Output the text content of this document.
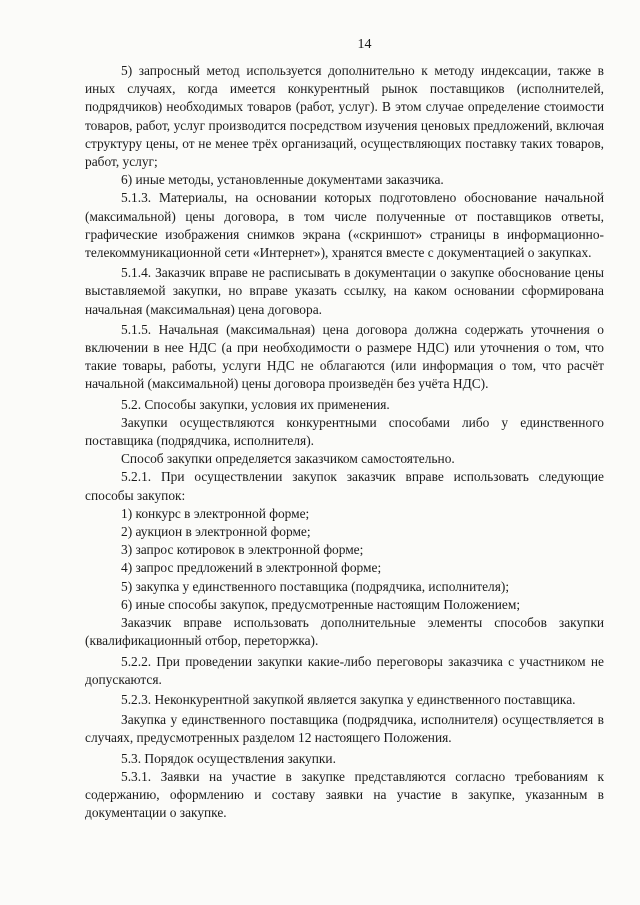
14

5) запросный метод используется дополнительно к методу индексации, также в иных случаях, когда имеется конкурентный рынок поставщиков (исполнителей, подрядчиков) необходимых товаров (работ, услуг). В этом случае определение стоимости товаров, работ, услуг производится посредством изучения ценовых предложений, включая структуру цены, от не менее трёх организаций, осуществляющих поставку таких товаров, работ, услуг;

6) иные методы, установленные документами заказчика.

5.1.3. Материалы, на основании которых подготовлено обоснование начальной (максимальной) цены договора, в том числе полученные от поставщиков ответы, графические изображения снимков экрана («скриншот» страницы в информационно-телекоммуникационной сети «Интернет»), хранятся вместе с документацией о закупках.

5.1.4. Заказчик вправе не расписывать в документации о закупке обоснование цены выставляемой закупки, но вправе указать ссылку, на каком основании сформирована начальная (максимальная) цена договора.

5.1.5. Начальная (максимальная) цена договора должна содержать уточнения о включении в нее НДС (а при необходимости о размере НДС) или уточнения о том, что такие товары, работы, услуги НДС не облагаются (или информация о том, что расчёт начальной (максимальной) цены договора произведён без учёта НДС).

5.2. Способы закупки, условия их применения.

Закупки осуществляются конкурентными способами либо у единственного поставщика (подрядчика, исполнителя).

Способ закупки определяется заказчиком самостоятельно.

5.2.1. При осуществлении закупок заказчик вправе использовать следующие способы закупок:

1) конкурс в электронной форме;

2) аукцион в электронной форме;

3) запрос котировок в электронной форме;

4) запрос предложений в электронной форме;

5) закупка у единственного поставщика (подрядчика, исполнителя);

6) иные способы закупок, предусмотренные настоящим Положением;

Заказчик вправе использовать дополнительные элементы способов закупки (квалификационный отбор, переторжка).

5.2.2. При проведении закупки какие-либо переговоры заказчика с участником не допускаются.

5.2.3. Неконкурентной закупкой является закупка у единственного поставщика.

Закупка у единственного поставщика (подрядчика, исполнителя) осуществляется в случаях, предусмотренных разделом 12 настоящего Положения.

5.3. Порядок осуществления закупки.

5.3.1. Заявки на участие в закупке представляются согласно требованиям к содержанию, оформлению и составу заявки на участие в закупке, указанным в документации о закупке.
